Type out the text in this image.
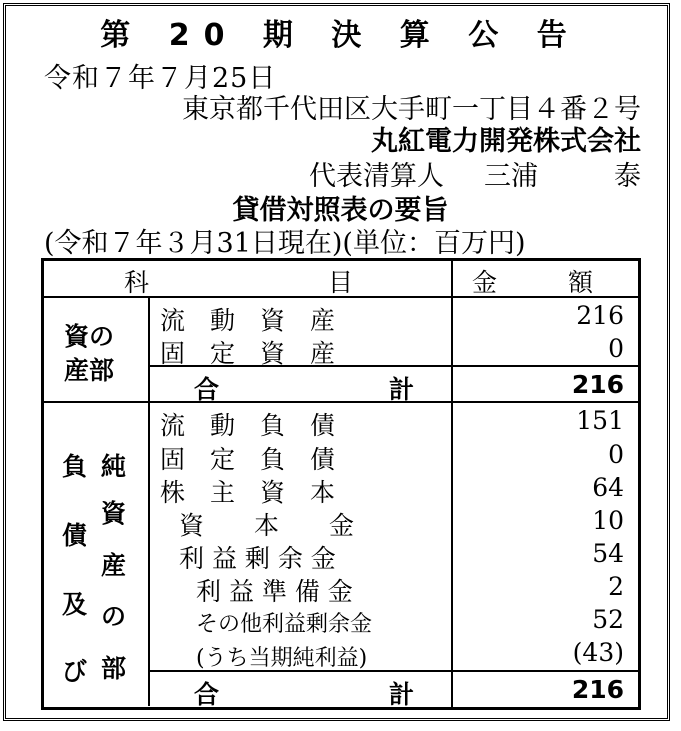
第 20 期 決 算 公 告
令和７年７月25日
東京都千代田区大手町一丁目４番２号
丸紅電力開発株式会社
代表清算人 三浦	泰
貸借対照表の要旨
(令和７年３月31日現在)(単位：百万円)
科	目	金	額
資の
産部
流　動　資　産	216
固　定　資　産	0
合	計	216
負
債
及
び
純
資
産
の
部
流　動　負　債	151
固　定　負　債	0
株　主　資　本	64
資　　本　　金	10
利 益 剰 余 金	54
利 益 準 備 金	2
その他利益剰余金	52
(うち当期純利益)	(43)
合	計	216
